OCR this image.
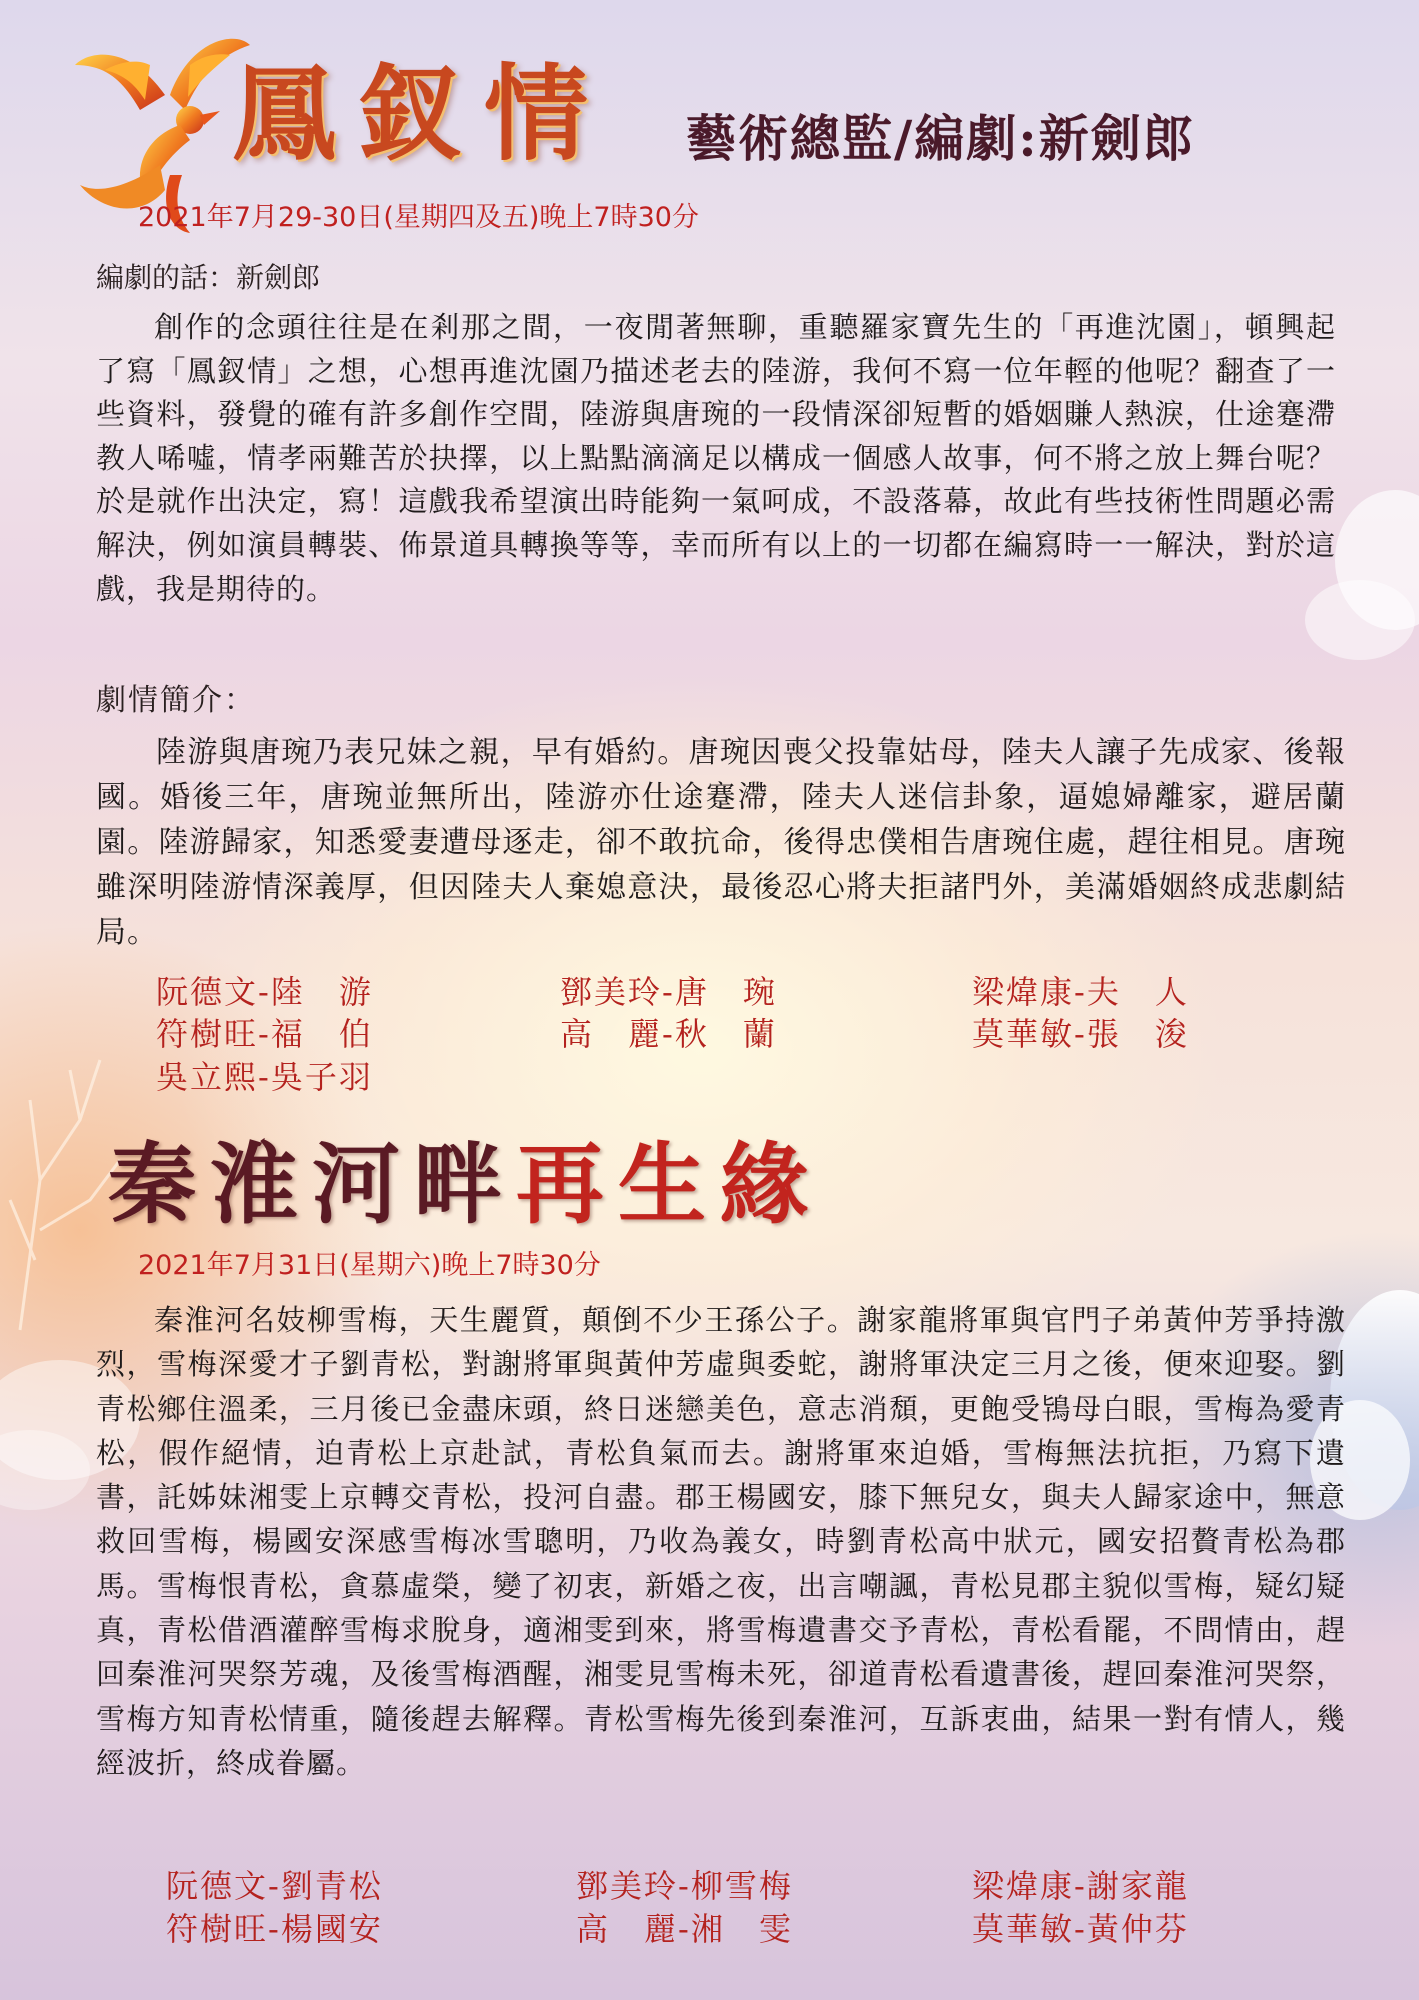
鳳釵情 藝術總監/編劇:新劍郎
2021年7月29-30日(星期四及五)晚上7時30分
編劇的話：新劍郎

創作的念頭往往是在剎那之間，一夜閒著無聊，重聽羅家寶先生的「再進沈園」，頓興起了寫「鳳釵情」之想，心想再進沈園乃描述老去的陸游，我何不寫一位年輕的他呢？翻查了一些資料，發覺的確有許多創作空間，陸游與唐琬的一段情深卻短暫的婚姻賺人熱淚，仕途蹇滯教人唏噓，情孝兩難苦於抉擇，以上點點滴滴足以構成一個感人故事，何不將之放上舞台呢？於是就作出決定，寫！這戲我希望演出時能夠一氣呵成，不設落幕，故此有些技術性問題必需解決，例如演員轉裝、佈景道具轉換等等，幸而所有以上的一切都在編寫時一一解決，對於這戲，我是期待的。

劇情簡介：

陸游與唐琬乃表兄妹之親，早有婚約。唐琬因喪父投靠姑母，陸夫人讓子先成家、後報國。婚後三年，唐琬並無所出，陸游亦仕途蹇滯，陸夫人迷信卦象，逼媳婦離家，避居蘭園。陸游歸家，知悉愛妻遭母逐走，卻不敢抗命，後得忠僕相告唐琬住處，趕往相見。唐琬雖深明陸游情深義厚，但因陸夫人棄媳意決，最後忍心將夫拒諸門外，美滿婚姻終成悲劇結局。

阮德文-陸　游	鄧美玲-唐　琬	梁煒康-夫　人
符樹旺-福　伯	高　麗-秋　蘭	莫華敏-張　浚
吳立熙-吳子羽
秦淮河畔再生緣
2021年7月31日(星期六)晚上7時30分

秦淮河名妓柳雪梅，天生麗質，顛倒不少王孫公子。謝家龍將軍與官門子弟黃仲芳爭持激烈，雪梅深愛才子劉青松，對謝將軍與黃仲芳虛與委蛇，謝將軍決定三月之後，便來迎娶。劉青松鄉住溫柔，三月後已金盡床頭，終日迷戀美色，意志消頹，更飽受鴇母白眼，雪梅為愛青松，假作絕情，迫青松上京赴試，青松負氣而去。謝將軍來迫婚，雪梅無法抗拒，乃寫下遺書，託姊妹湘雯上京轉交青松，投河自盡。郡王楊國安，膝下無兒女，與夫人歸家途中，無意救回雪梅，楊國安深感雪梅冰雪聰明，乃收為義女，時劉青松高中狀元，國安招贅青松為郡馬。雪梅恨青松，貪慕虛榮，變了初衷，新婚之夜，出言嘲諷，青松見郡主貌似雪梅，疑幻疑真，青松借酒灌醉雪梅求脫身，適湘雯到來，將雪梅遺書交予青松，青松看罷，不問情由，趕回秦淮河哭祭芳魂，及後雪梅酒醒，湘雯見雪梅未死，卻道青松看遺書後，趕回秦淮河哭祭，雪梅方知青松情重，隨後趕去解釋。青松雪梅先後到秦淮河，互訴衷曲，結果一對有情人，幾經波折，終成眷屬。

阮德文-劉青松	鄧美玲-柳雪梅	梁煒康-謝家龍
符樹旺-楊國安	高　麗-湘　雯	莫華敏-黃仲芬
